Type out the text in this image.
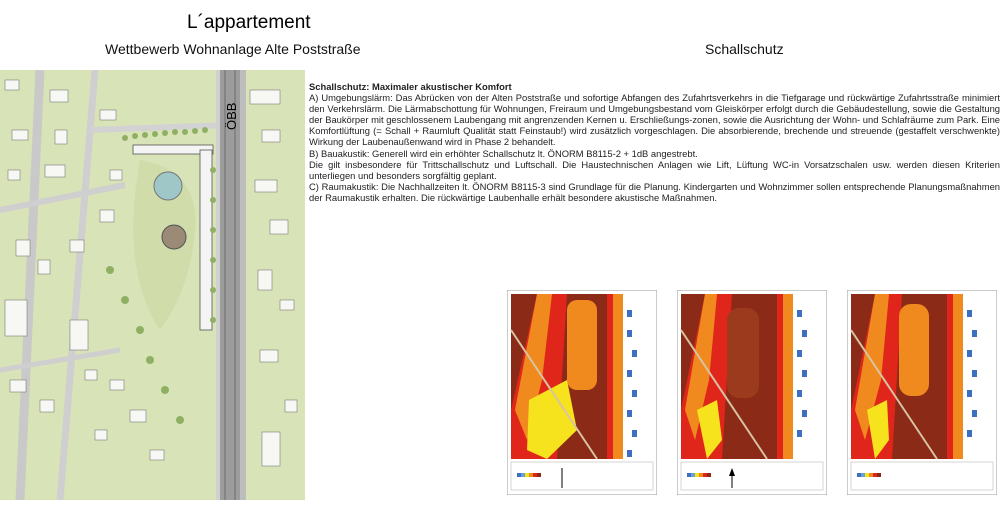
L´appartement
Wettbewerb Wohnanlage Alte Poststraße	Schallschutz
ÖBB

Schallschutz: Maximaler akustischer Komfort

A) Umgebungslärm: Das Abrücken von der Alten Poststraße und sofortige Abfangen des Zufahrtsverkehrs in die Tiefgarage und rückwärtige Zufahrtsstraße minimiert den Verkehrslärm. Die Lärmabschottung für Wohnungen, Freiraum und Umgebungsbestand vom Gleiskörper erfolgt durch die Gebäudestellung, sowie die Gestaltung der Baukörper mit geschlossenem Laubengang mit angrenzenden Kernen u. Erschließungs-zonen, sowie die Ausrichtung der Wohn- und Schlafräume zum Park. Eine Komfortlüftung (= Schall + Raumluft Qualität statt Feinstaub!) wird zusätzlich vorgeschlagen. Die absorbierende, brechende und streuende (gestaffelt verschwenkte) Wirkung der Laubenaußenwand wird in Phase 2 behandelt.

B) Bauakustik: Generell wird ein erhöhter Schallschutz lt. ÖNORM B8115-2 + 1dB angestrebt.

Die gilt insbesondere für Trittschallschutz und Luftschall. Die Haustechnischen Anlagen wie Lift, Lüftung WC-in Vorsatzschalen usw. werden diesen Kriterien unterliegen und besonders sorgfältig geplant.

C) Raumakustik: Die Nachhallzeiten lt. ÖNORM B8115-3 sind Grundlage für die Planung. Kindergarten und Wohnzimmer sollen entsprechende Planungsmaßnahmen der Raumakustik erhalten. Die rückwärtige Laubenhalle erhält besondere akustische Maßnahmen.
